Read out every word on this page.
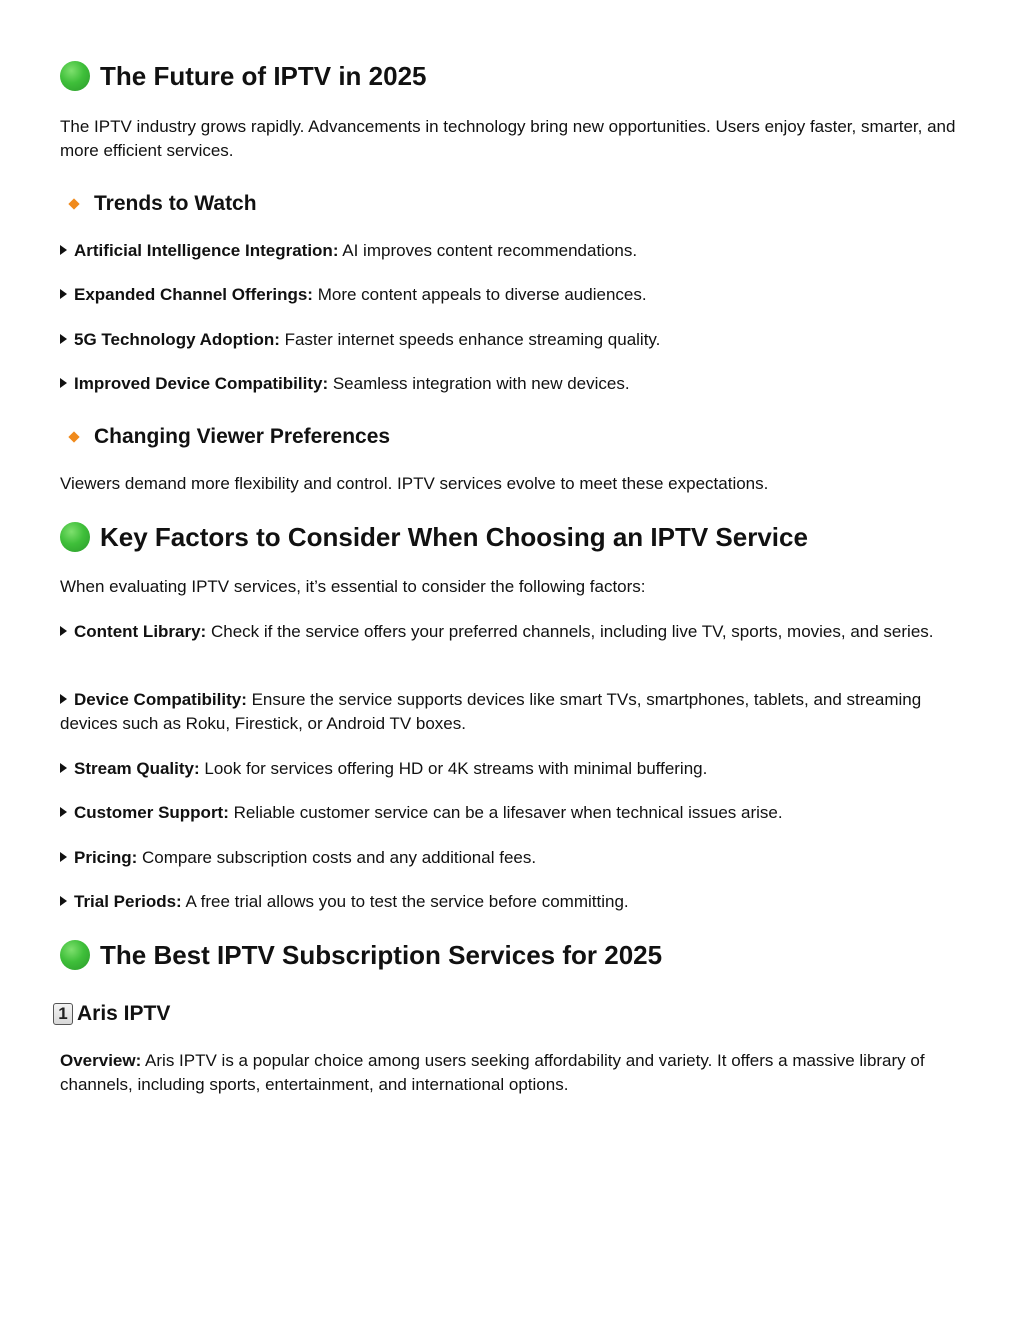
The Future of IPTV in 2025
The IPTV industry grows rapidly. Advancements in technology bring new opportunities. Users enjoy faster, smarter, and more efficient services.
Trends to Watch
Artificial Intelligence Integration: AI improves content recommendations.
Expanded Channel Offerings: More content appeals to diverse audiences.
5G Technology Adoption: Faster internet speeds enhance streaming quality.
Improved Device Compatibility: Seamless integration with new devices.
Changing Viewer Preferences
Viewers demand more flexibility and control. IPTV services evolve to meet these expectations.
Key Factors to Consider When Choosing an IPTV Service
When evaluating IPTV services, it’s essential to consider the following factors:
Content Library: Check if the service offers your preferred channels, including live TV, sports, movies, and series.
Device Compatibility: Ensure the service supports devices like smart TVs, smartphones, tablets, and streaming devices such as Roku, Firestick, or Android TV boxes.
Stream Quality: Look for services offering HD or 4K streams with minimal buffering.
Customer Support: Reliable customer service can be a lifesaver when technical issues arise.
Pricing: Compare subscription costs and any additional fees.
Trial Periods: A free trial allows you to test the service before committing.
The Best IPTV Subscription Services for 2025
1 Aris IPTV
Overview: Aris IPTV is a popular choice among users seeking affordability and variety. It offers a massive library of channels, including sports, entertainment, and international options.
